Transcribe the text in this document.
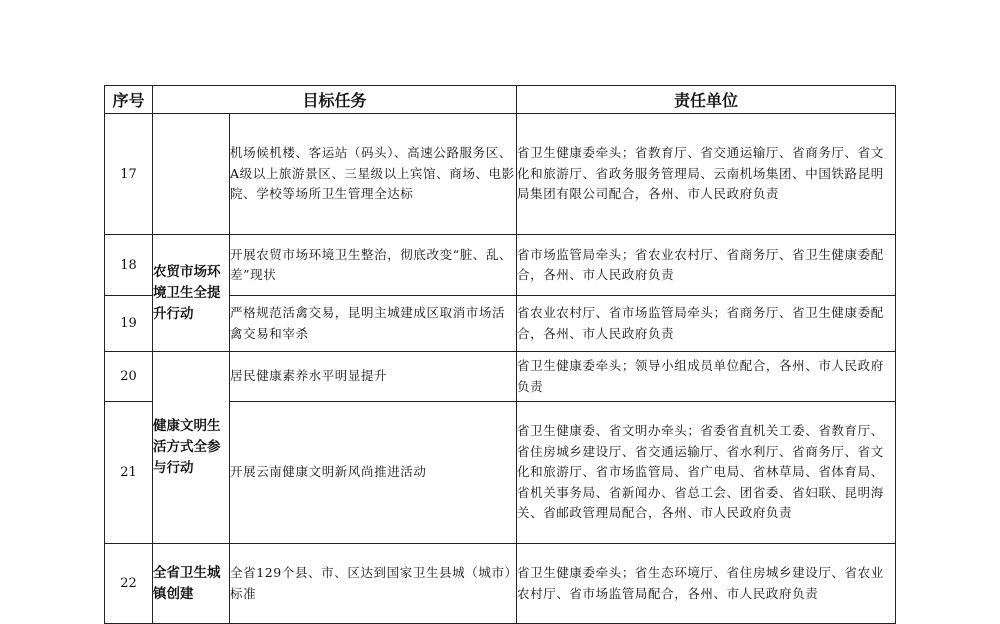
序号	目标任务		责任单位
17		机场候机楼、客运站（码头）、高速公路服务区、A级以上旅游景区、三星级以上宾馆、商场、电影院、学校等场所卫生管理全达标	省卫生健康委牵头；省教育厅、省交通运输厅、省商务厅、省文化和旅游厅、省政务服务管理局、云南机场集团、中国铁路昆明局集团有限公司配合，各州、市人民政府负责
18	农贸市场环境卫生全提升行动	开展农贸市场环境卫生整治，彻底改变“脏、乱、差”现状	省市场监管局牵头；省农业农村厅、省商务厅、省卫生健康委配合，各州、市人民政府负责
19		严格规范活禽交易，昆明主城建成区取消市场活禽交易和宰杀	省农业农村厅、省市场监管局牵头；省商务厅、省卫生健康委配合，各州、市人民政府负责
20	健康文明生活方式全参与行动	居民健康素养水平明显提升	省卫生健康委牵头；领导小组成员单位配合，各州、市人民政府负责
21		开展云南健康文明新风尚推进活动	省卫生健康委、省文明办牵头；省委省直机关工委、省教育厅、省住房城乡建设厅、省交通运输厅、省水利厅、省商务厅、省文化和旅游厅、省市场监管局、省广电局、省林草局、省体育局、省机关事务局、省新闻办、省总工会、团省委、省妇联、昆明海关、省邮政管理局配合，各州、市人民政府负责
22	全省卫生城镇创建	全省129个县、市、区达到国家卫生县城（城市）标准	省卫生健康委牵头；省生态环境厅、省住房城乡建设厅、省农业农村厅、省市场监管局配合，各州、市人民政府负责
